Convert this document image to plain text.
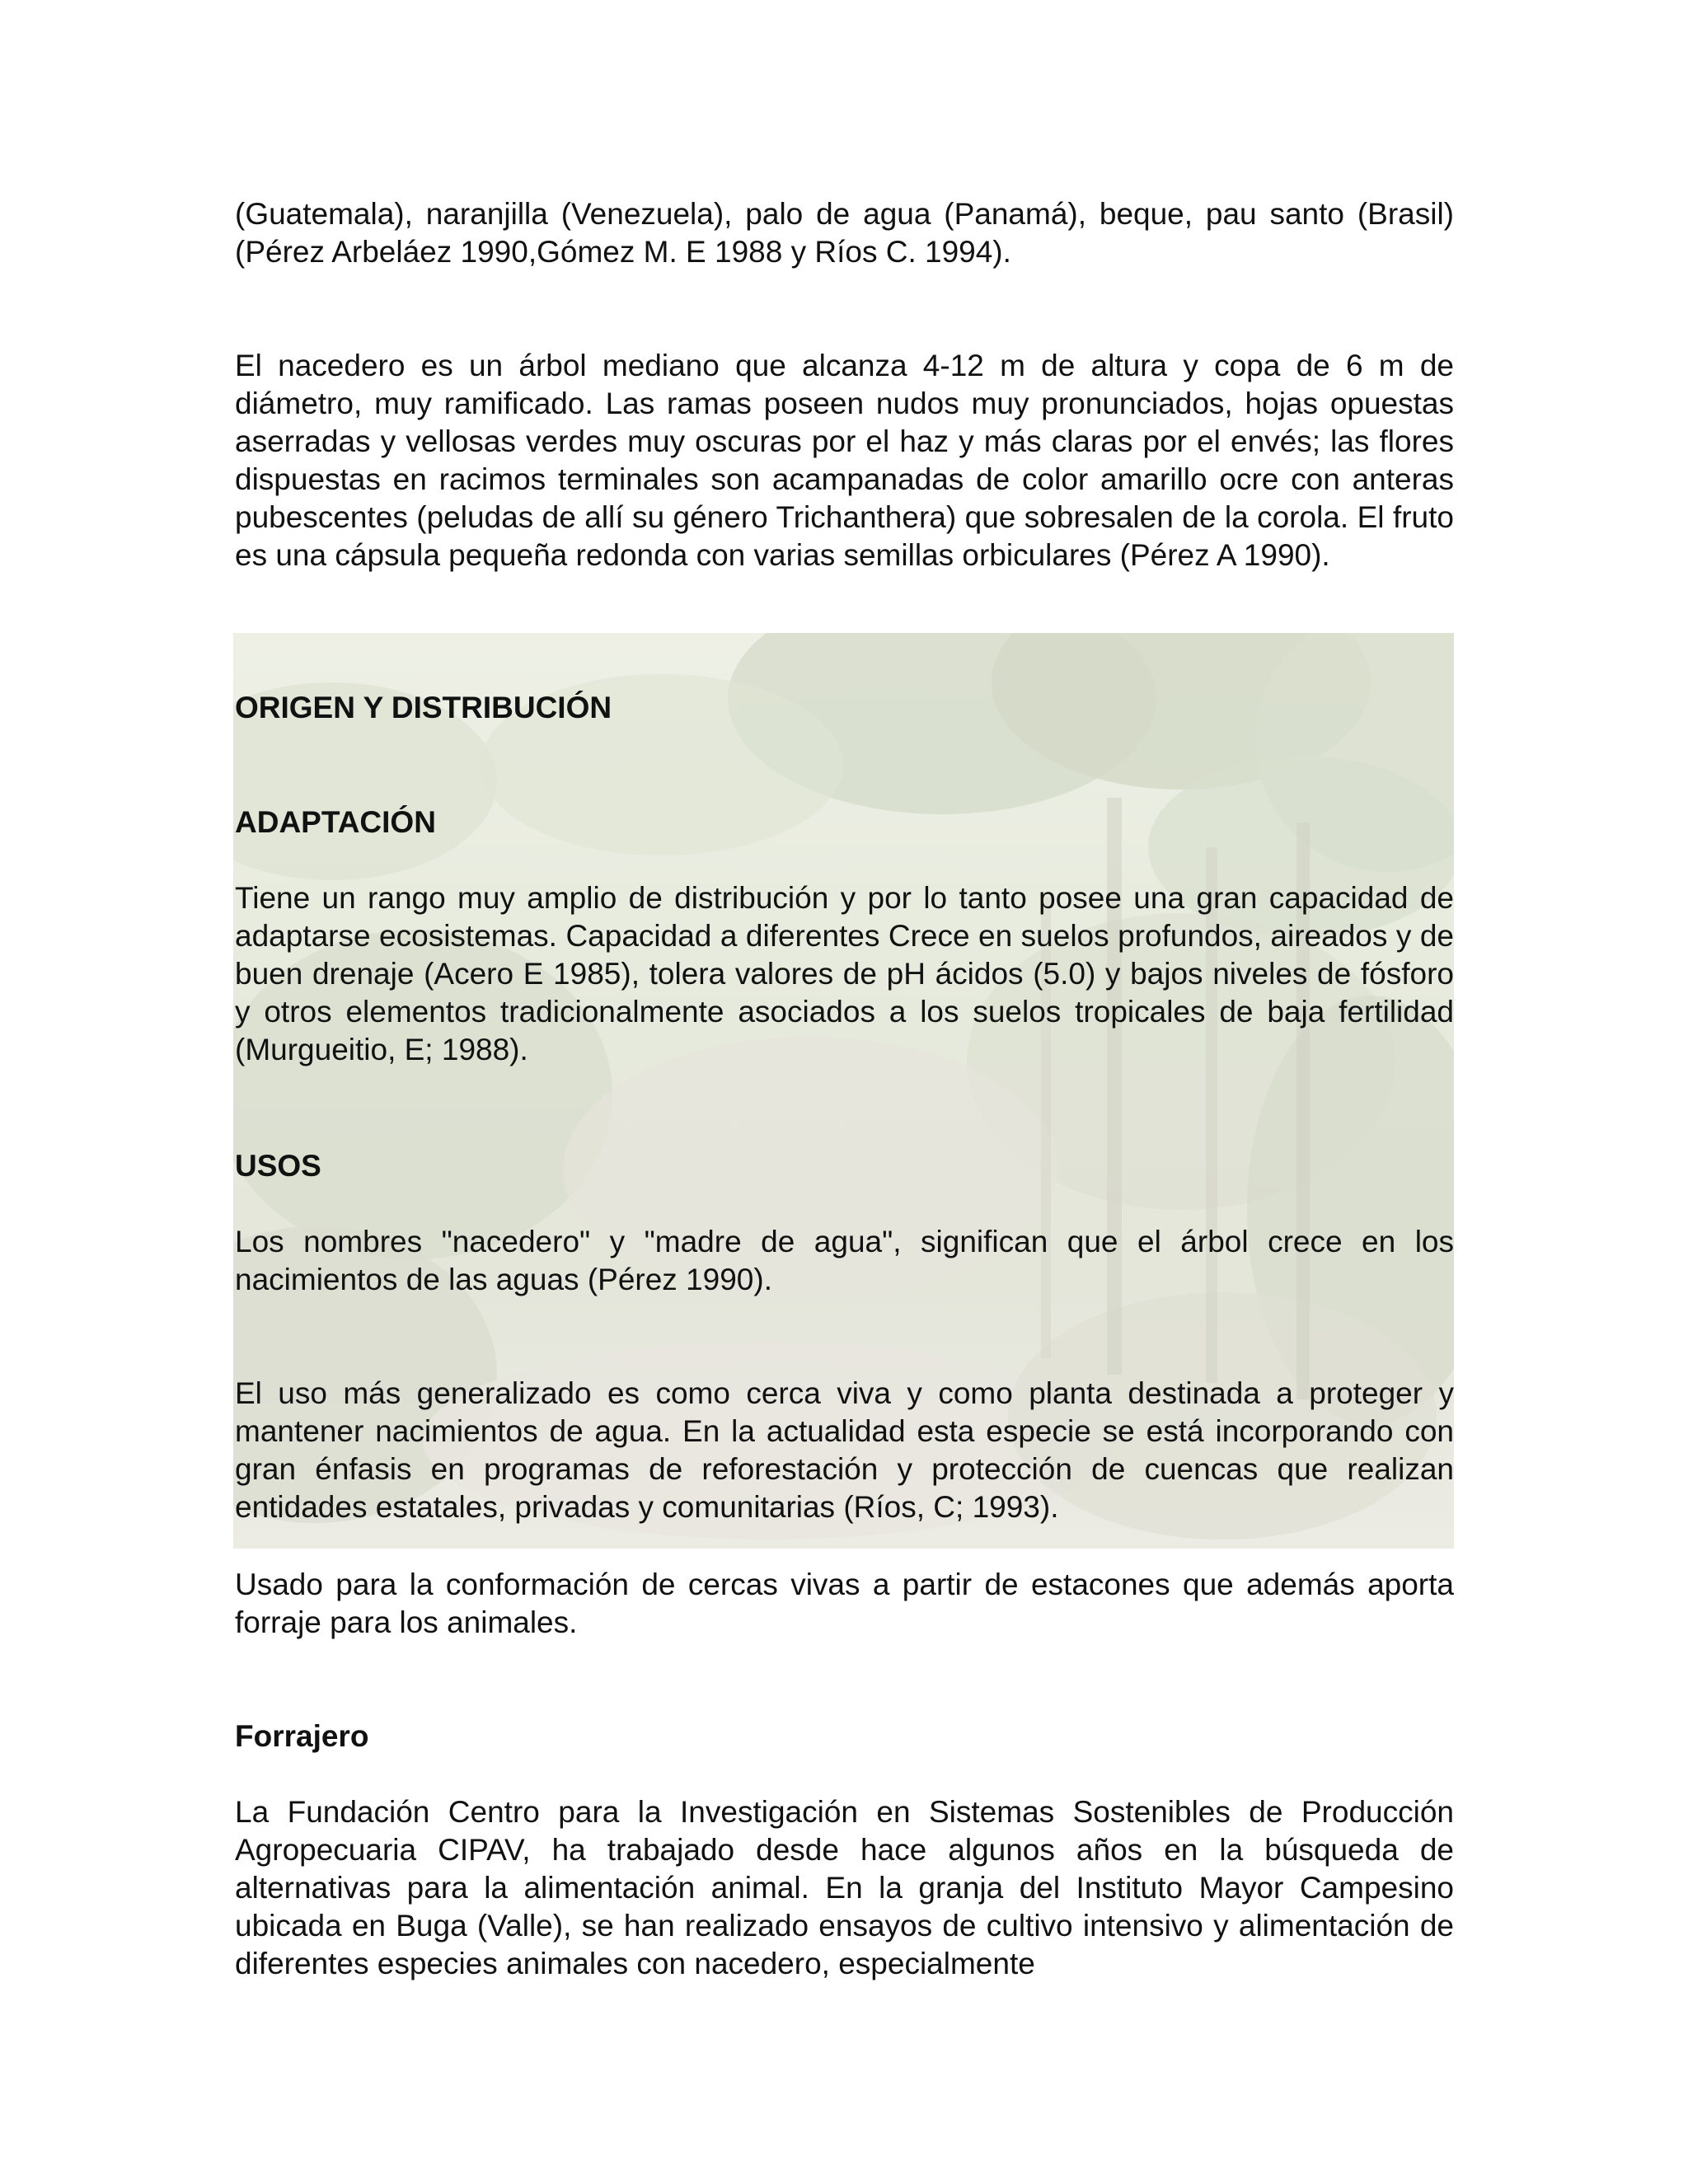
(Guatemala), naranjilla (Venezuela), palo de agua (Panamá), beque, pau santo (Brasil) (Pérez Arbeláez 1990,Gómez M. E 1988 y Ríos C. 1994).

El nacedero es un árbol mediano que alcanza 4-12 m de altura y copa de 6 m de diámetro, muy ramificado. Las ramas poseen nudos muy pronunciados, hojas opuestas aserradas y vellosas verdes muy oscuras por el haz y más claras por el envés; las flores dispuestas en racimos terminales son acampanadas de color amarillo ocre con anteras pubescentes (peludas de allí su género Trichanthera) que sobresalen de la corola. El fruto es una cápsula pequeña redonda con varias semillas orbiculares (Pérez A 1990).

ORIGEN Y DISTRIBUCIÓN
ADAPTACIÓN

Tiene un rango muy amplio de distribución y por lo tanto posee una gran capacidad de adaptarse ecosistemas. Capacidad a diferentes Crece en suelos profundos, aireados y de buen drenaje (Acero E 1985), tolera valores de pH ácidos (5.0) y bajos niveles de fósforo y otros elementos tradicionalmente asociados a los suelos tropicales de baja fertilidad (Murgueitio, E; 1988).

USOS

Los nombres "nacedero" y "madre de agua", significan que el árbol crece en los nacimientos de las aguas (Pérez 1990).

El uso más generalizado es como cerca viva y como planta destinada a proteger y mantener nacimientos de agua. En la actualidad esta especie se está incorporando con gran énfasis en programas de reforestación y protección de cuencas que realizan entidades estatales, privadas y comunitarias (Ríos, C; 1993).

Usado para la conformación de cercas vivas a partir de estacones que además aporta forraje para los animales.

Forrajero

La Fundación Centro para la Investigación en Sistemas Sostenibles de Producción Agropecuaria CIPAV, ha trabajado desde hace algunos años en la búsqueda de alternativas para la alimentación animal. En la granja del Instituto Mayor Campesino ubicada en Buga (Valle), se han realizado ensayos de cultivo intensivo y alimentación de diferentes especies animales con nacedero, especialmente
